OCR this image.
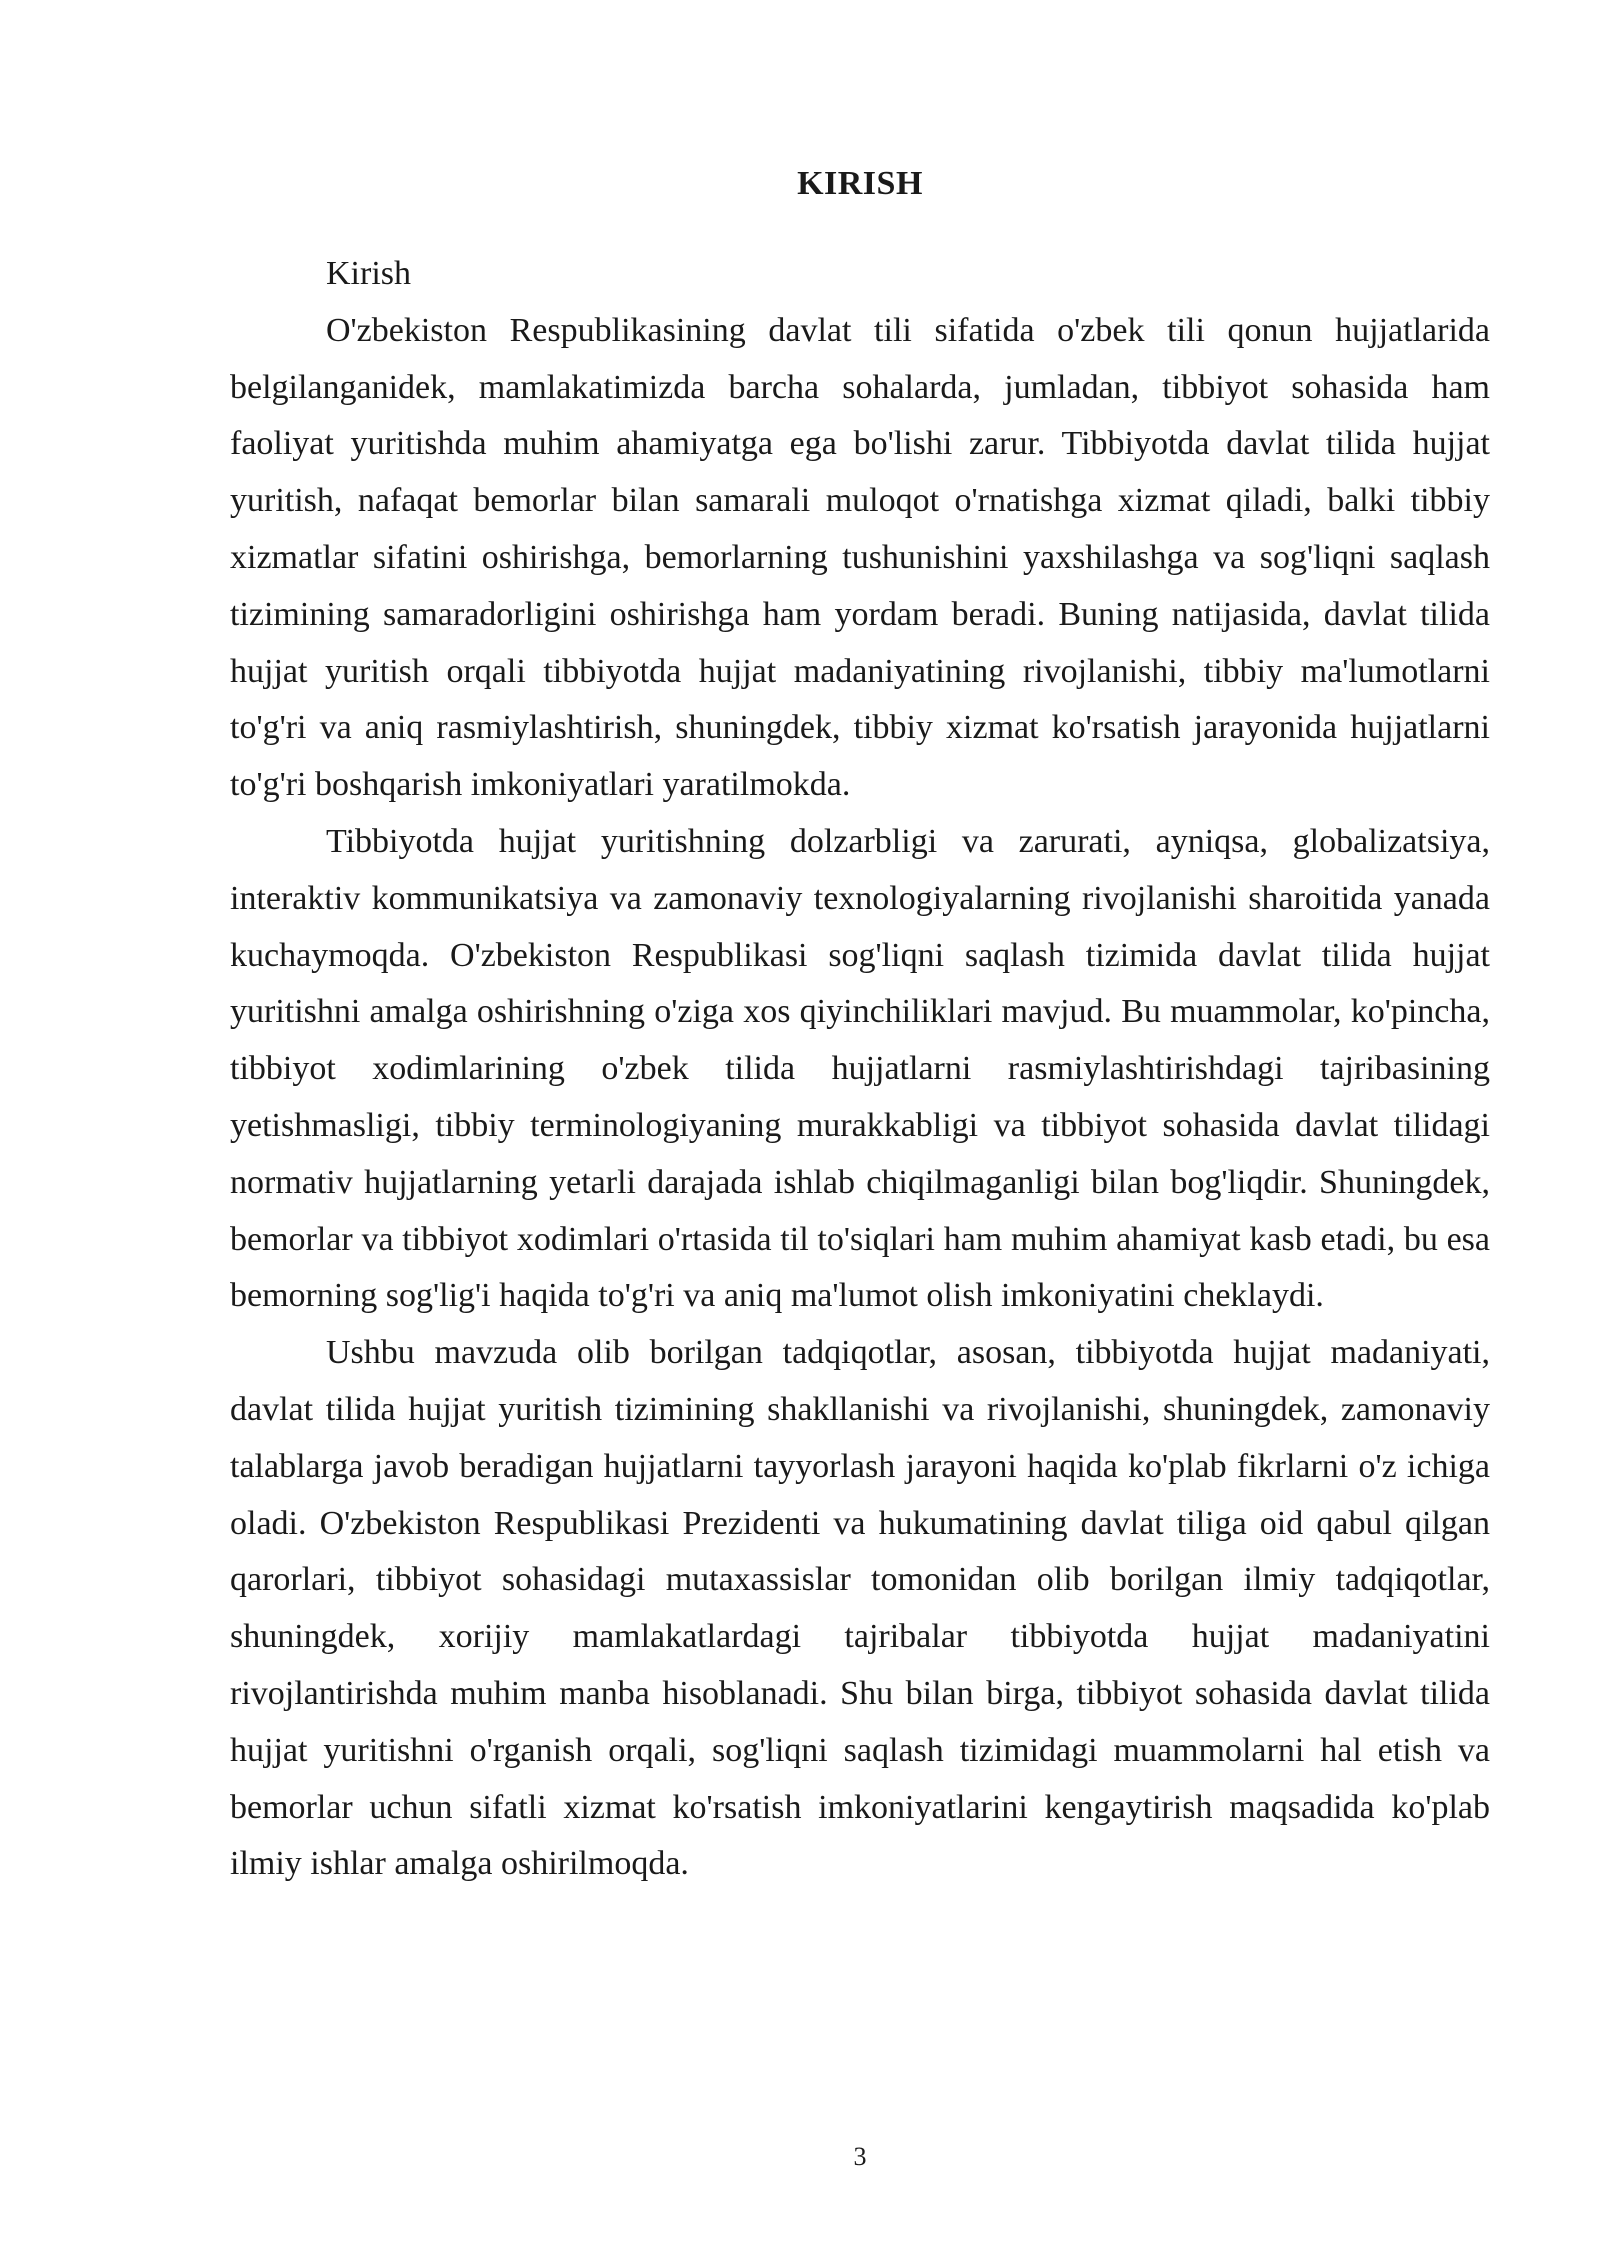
KIRISH

Kirish

O'zbekiston Respublikasining davlat tili sifatida o'zbek tili qonun hujjatlarida belgilanganidek, mamlakatimizda barcha sohalarda, jumladan, tibbiyot sohasida ham faoliyat yuritishda muhim ahamiyatga ega bo'lishi zarur. Tibbiyotda davlat tilida hujjat yuritish, nafaqat bemorlar bilan samarali muloqot o'rnatishga xizmat qiladi, balki tibbiy xizmatlar sifatini oshirishga, bemorlarning tushunishini yaxshilashga va sog'liqni saqlash tizimining samaradorligini oshirishga ham yordam beradi. Buning natijasida, davlat tilida hujjat yuritish orqali tibbiyotda hujjat madaniyatining rivojlanishi, tibbiy ma'lumotlarni to'g'ri va aniq rasmiylashtirish, shuningdek, tibbiy xizmat ko'rsatish jarayonida hujjatlarni to'g'ri boshqarish imkoniyatlari yaratilmokda.

Tibbiyotda hujjat yuritishning dolzarbligi va zarurati, ayniqsa, globalizatsiya, interaktiv kommunikatsiya va zamonaviy texnologiyalarning rivojlanishi sharoitida yanada kuchaymoqda. O'zbekiston Respublikasi sog'liqni saqlash tizimida davlat tilida hujjat yuritishni amalga oshirishning o'ziga xos qiyinchiliklari mavjud. Bu muammolar, ko'pincha, tibbiyot xodimlarining o'zbek tilida hujjatlarni rasmiylashtirishdagi tajribasining yetishmasligi, tibbiy terminologiyaning murakkabligi va tibbiyot sohasida davlat tilidagi normativ hujjatlarning yetarli darajada ishlab chiqilmaganligi bilan bog'liqdir. Shuningdek, bemorlar va tibbiyot xodimlari o'rtasida til to'siqlari ham muhim ahamiyat kasb etadi, bu esa bemorning sog'lig'i haqida to'g'ri va aniq ma'lumot olish imkoniyatini cheklaydi.

Ushbu mavzuda olib borilgan tadqiqotlar, asosan, tibbiyotda hujjat madaniyati, davlat tilida hujjat yuritish tizimining shakllanishi va rivojlanishi, shuningdek, zamonaviy talablarga javob beradigan hujjatlarni tayyorlash jarayoni haqida ko'plab fikrlarni o'z ichiga oladi. O'zbekiston Respublikasi Prezidenti va hukumatining davlat tiliga oid qabul qilgan qarorlari, tibbiyot sohasidagi mutaxassislar tomonidan olib borilgan ilmiy tadqiqotlar, shuningdek, xorijiy mamlakatlardagi tajribalar tibbiyotda hujjat madaniyatini rivojlantirishda muhim manba hisoblanadi. Shu bilan birga, tibbiyot sohasida davlat tilida hujjat yuritishni o'rganish orqali, sog'liqni saqlash tizimidagi muammolarni hal etish va bemorlar uchun sifatli xizmat ko'rsatish imkoniyatlarini kengaytirish maqsadida ko'plab ilmiy ishlar amalga oshirilmoqda.

3
